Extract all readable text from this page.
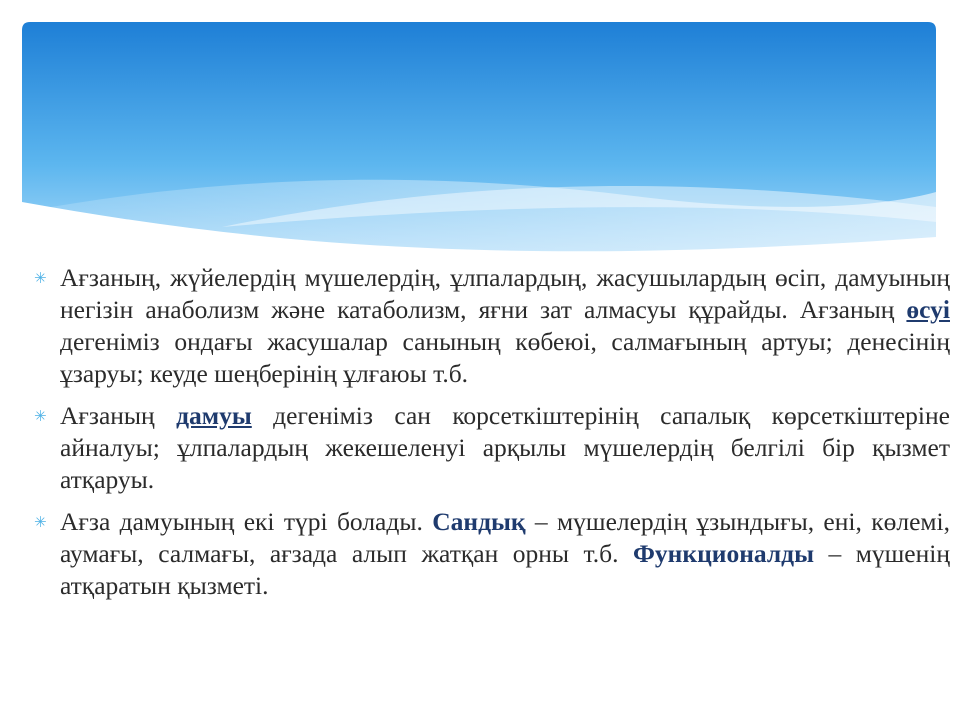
✳ Ағзаның, жүйелердің мүшелердің, ұлпалардың, жасушылардың өсіп, дамуының негізін анаболизм және катаболизм, яғни зат алмасуы құрайды. Ағзаның өсуі дегеніміз ондағы жасушалар санының көбеюі, салмағының артуы; денесінің ұзаруы; кеуде шеңберінің ұлғаюы т.б.
✳ Ағзаның дамуы дегеніміз сан корсеткіштерінің сапалық көрсеткіштеріне айналуы; ұлпалардың жекешеленуі арқылы мүшелердің белгілі бір қызмет атқаруы.
✳ Ағза дамуының екі түрі болады. Сандық – мүшелердің ұзындығы, ені, көлемі, аумағы, салмағы, ағзада алып жатқан орны т.б. Функционалды – мүшенің атқаратын қызметі.
